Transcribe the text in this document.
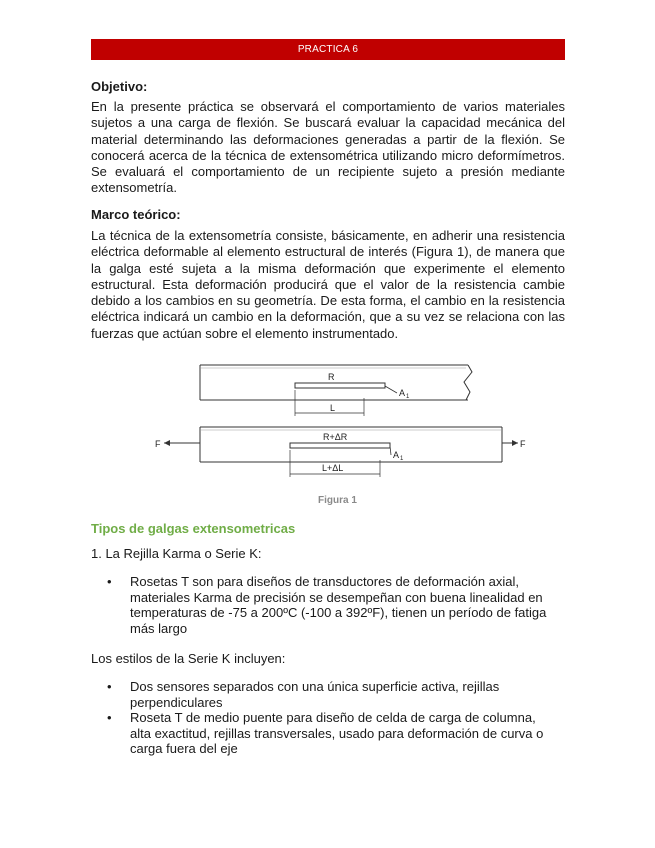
PRACTICA 6

Objetivo:

En la presente práctica se observará el comportamiento de varios materiales sujetos a una carga de flexión. Se buscará evaluar la capacidad mecánica del material determinando las deformaciones generadas a partir de la flexión. Se conocerá acerca de la técnica de extensométrica utilizando micro deformímetros. Se evaluará el comportamiento de un recipiente sujeto a presión mediante extensometría.

Marco teórico:

La técnica de la extensometría consiste, básicamente, en adherir una resistencia eléctrica deformable al elemento estructural de interés (Figura 1), de manera que la galga esté sujeta a la misma deformación que experimente el elemento estructural. Esta deformación producirá que el valor de la resistencia cambie debido a los cambios en su geometría. De esta forma, el cambio en la resistencia eléctrica indicará un cambio en la deformación, que a su vez se relaciona con las fuerzas que actúan sobre el elemento instrumentado.

R
A 1
L
F	F
R+ΔR
A 1
L+ΔL
Figura 1

Tipos de galgas extensometricas

1. La Rejilla Karma o Serie K:

• Rosetas T son para diseños de transductores de deformación axial, materiales Karma de precisión se desempeñan con buena linealidad en temperaturas de -75 a 200ºC (-100 a 392ºF), tienen un período de fatiga más largo

Los estilos de la Serie K incluyen:

• Dos sensores separados con una única superficie activa, rejillas perpendiculares
• Roseta T de medio puente para diseño de celda de carga de columna, alta exactitud, rejillas transversales, usado para deformación de curva o carga fuera del eje
